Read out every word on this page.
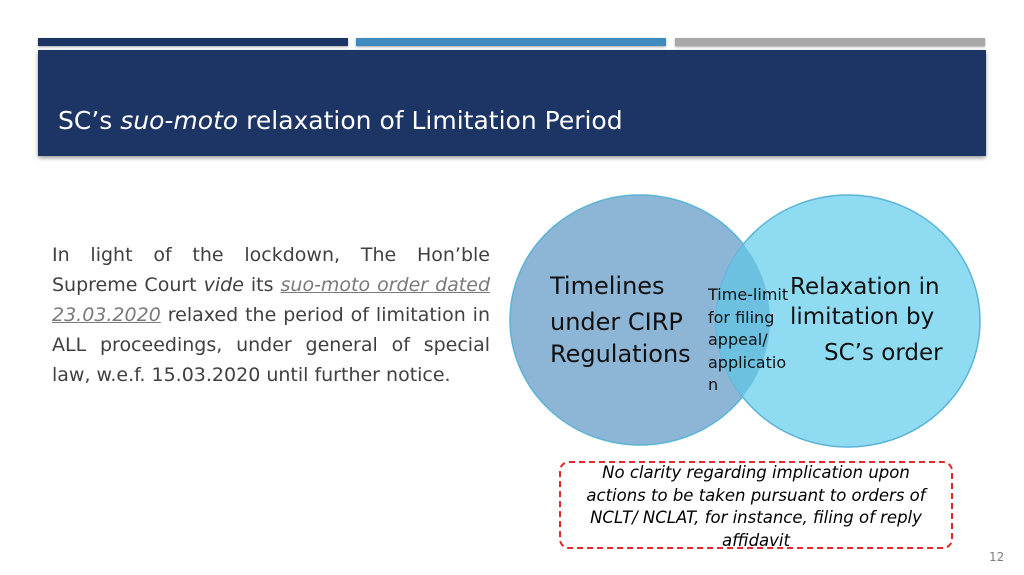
SC’s suo-moto relaxation of Limitation Period
In light of the lockdown, The Hon’ble Supreme Court vide its suo-moto order dated 23.03.2020 relaxed the period of limitation in ALL proceedings, under general of special law, w.e.f. 15.03.2020 until further notice.
Timelines
under CIRP
Regulations
Time-limit
for filing
appeal/
applicatio
n
Relaxation in
limitation by
SC’s order
No clarity regarding implication upon actions to be taken pursuant to orders of NCLT/ NCLAT, for instance, filing of reply affidavit
12
